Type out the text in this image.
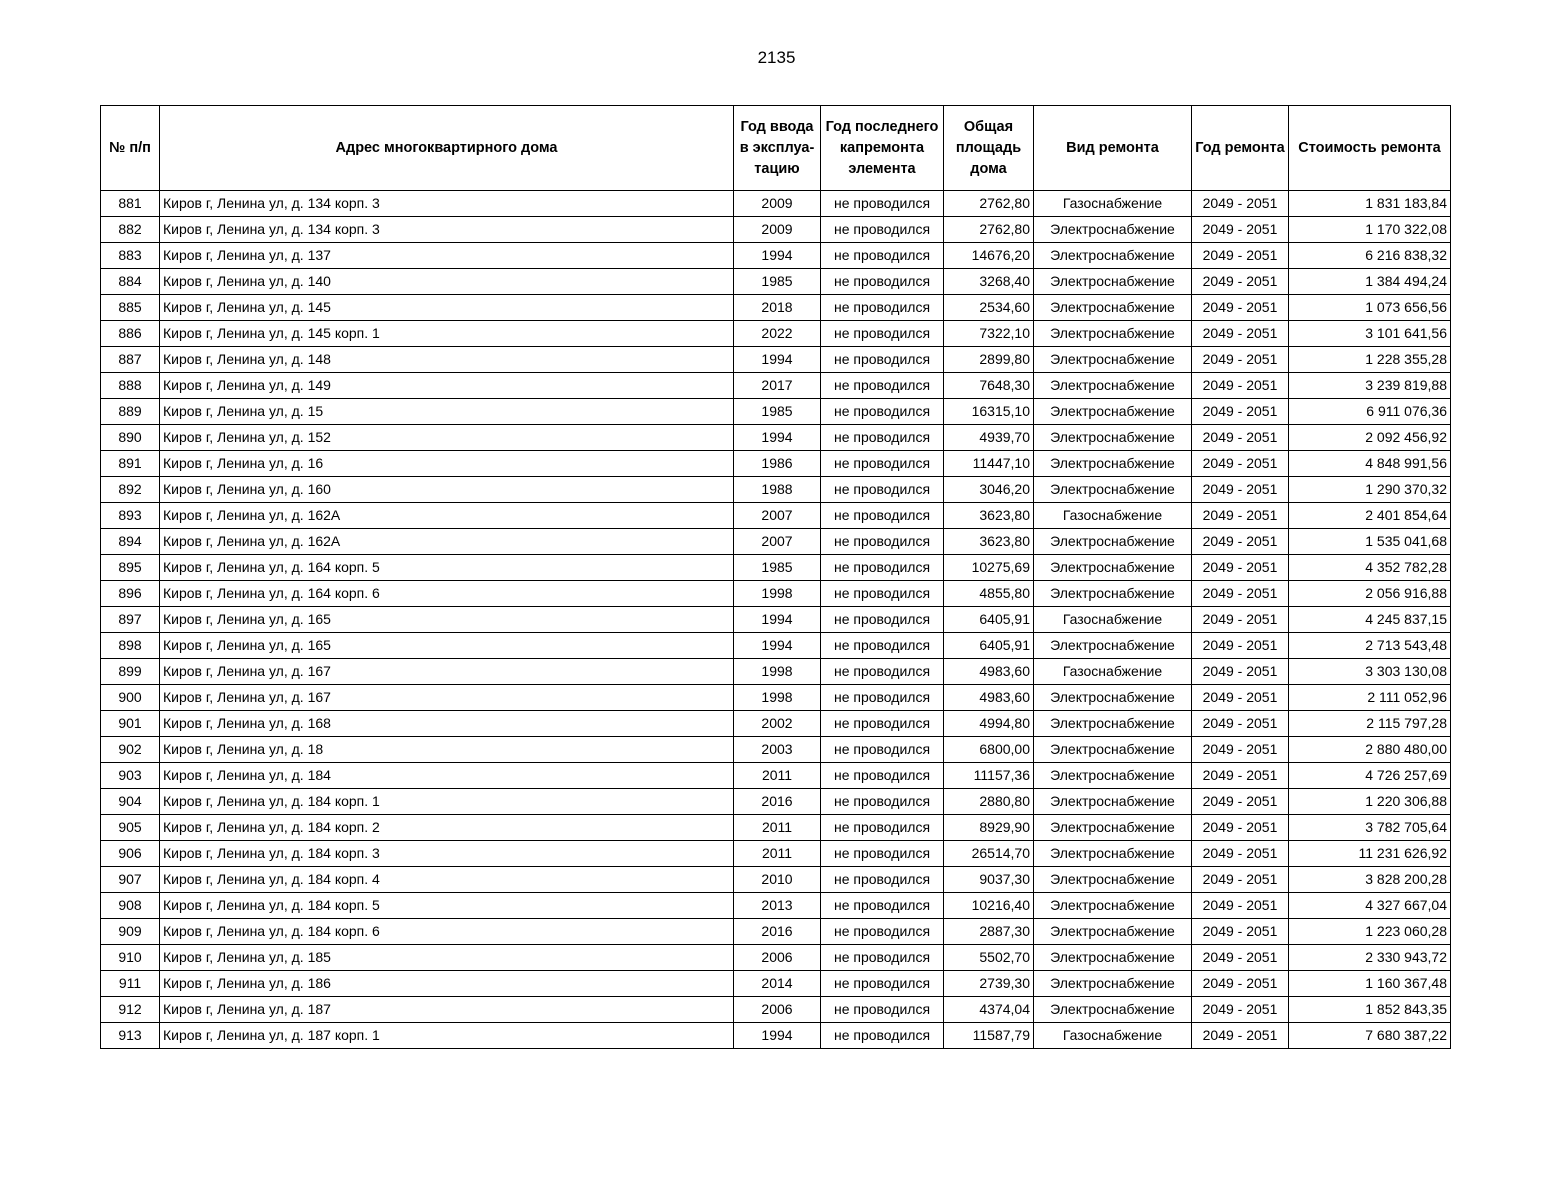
2135
№ п/п	Адрес многоквартирного дома	Год ввода в эксплуа-тацию	Год последнего капремонта элемента	Общая площадь дома	Вид ремонта	Год ремонта	Стоимость ремонта
881	Киров г, Ленина ул, д. 134 корп. 3	2009	не проводился	2762,80	Газоснабжение	2049 - 2051	1 831 183,84
882	Киров г, Ленина ул, д. 134 корп. 3	2009	не проводился	2762,80	Электроснабжение	2049 - 2051	1 170 322,08
883	Киров г, Ленина ул, д. 137	1994	не проводился	14676,20	Электроснабжение	2049 - 2051	6 216 838,32
884	Киров г, Ленина ул, д. 140	1985	не проводился	3268,40	Электроснабжение	2049 - 2051	1 384 494,24
885	Киров г, Ленина ул, д. 145	2018	не проводился	2534,60	Электроснабжение	2049 - 2051	1 073 656,56
886	Киров г, Ленина ул, д. 145 корп. 1	2022	не проводился	7322,10	Электроснабжение	2049 - 2051	3 101 641,56
887	Киров г, Ленина ул, д. 148	1994	не проводился	2899,80	Электроснабжение	2049 - 2051	1 228 355,28
888	Киров г, Ленина ул, д. 149	2017	не проводился	7648,30	Электроснабжение	2049 - 2051	3 239 819,88
889	Киров г, Ленина ул, д. 15	1985	не проводился	16315,10	Электроснабжение	2049 - 2051	6 911 076,36
890	Киров г, Ленина ул, д. 152	1994	не проводился	4939,70	Электроснабжение	2049 - 2051	2 092 456,92
891	Киров г, Ленина ул, д. 16	1986	не проводился	11447,10	Электроснабжение	2049 - 2051	4 848 991,56
892	Киров г, Ленина ул, д. 160	1988	не проводился	3046,20	Электроснабжение	2049 - 2051	1 290 370,32
893	Киров г, Ленина ул, д. 162А	2007	не проводился	3623,80	Газоснабжение	2049 - 2051	2 401 854,64
894	Киров г, Ленина ул, д. 162А	2007	не проводился	3623,80	Электроснабжение	2049 - 2051	1 535 041,68
895	Киров г, Ленина ул, д. 164 корп. 5	1985	не проводился	10275,69	Электроснабжение	2049 - 2051	4 352 782,28
896	Киров г, Ленина ул, д. 164 корп. 6	1998	не проводился	4855,80	Электроснабжение	2049 - 2051	2 056 916,88
897	Киров г, Ленина ул, д. 165	1994	не проводился	6405,91	Газоснабжение	2049 - 2051	4 245 837,15
898	Киров г, Ленина ул, д. 165	1994	не проводился	6405,91	Электроснабжение	2049 - 2051	2 713 543,48
899	Киров г, Ленина ул, д. 167	1998	не проводился	4983,60	Газоснабжение	2049 - 2051	3 303 130,08
900	Киров г, Ленина ул, д. 167	1998	не проводился	4983,60	Электроснабжение	2049 - 2051	2 111 052,96
901	Киров г, Ленина ул, д. 168	2002	не проводился	4994,80	Электроснабжение	2049 - 2051	2 115 797,28
902	Киров г, Ленина ул, д. 18	2003	не проводился	6800,00	Электроснабжение	2049 - 2051	2 880 480,00
903	Киров г, Ленина ул, д. 184	2011	не проводился	11157,36	Электроснабжение	2049 - 2051	4 726 257,69
904	Киров г, Ленина ул, д. 184 корп. 1	2016	не проводился	2880,80	Электроснабжение	2049 - 2051	1 220 306,88
905	Киров г, Ленина ул, д. 184 корп. 2	2011	не проводился	8929,90	Электроснабжение	2049 - 2051	3 782 705,64
906	Киров г, Ленина ул, д. 184 корп. 3	2011	не проводился	26514,70	Электроснабжение	2049 - 2051	11 231 626,92
907	Киров г, Ленина ул, д. 184 корп. 4	2010	не проводился	9037,30	Электроснабжение	2049 - 2051	3 828 200,28
908	Киров г, Ленина ул, д. 184 корп. 5	2013	не проводился	10216,40	Электроснабжение	2049 - 2051	4 327 667,04
909	Киров г, Ленина ул, д. 184 корп. 6	2016	не проводился	2887,30	Электроснабжение	2049 - 2051	1 223 060,28
910	Киров г, Ленина ул, д. 185	2006	не проводился	5502,70	Электроснабжение	2049 - 2051	2 330 943,72
911	Киров г, Ленина ул, д. 186	2014	не проводился	2739,30	Электроснабжение	2049 - 2051	1 160 367,48
912	Киров г, Ленина ул, д. 187	2006	не проводился	4374,04	Электроснабжение	2049 - 2051	1 852 843,35
913	Киров г, Ленина ул, д. 187 корп. 1	1994	не проводился	11587,79	Газоснабжение	2049 - 2051	7 680 387,22
